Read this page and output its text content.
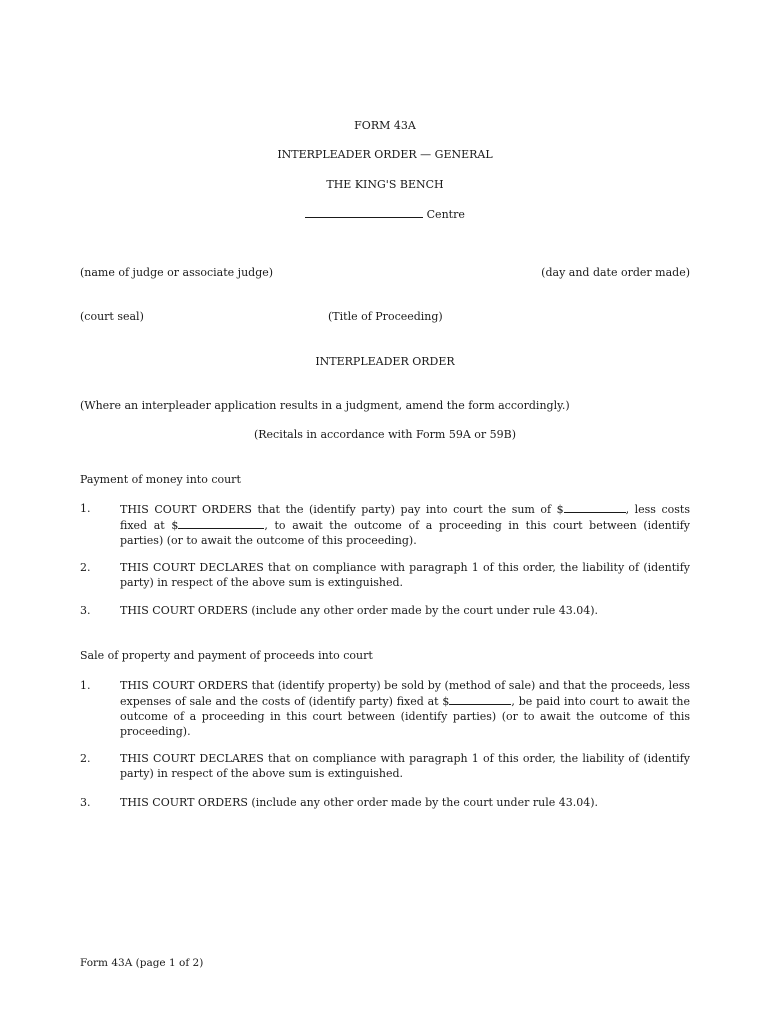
FORM 43A
INTERPLEADER ORDER — GENERAL
THE KING'S BENCH
Centre
(name of judge or associate judge)	(day and date order made)
(court seal)	(Title of Proceeding)
INTERPLEADER ORDER
(Where an interpleader application results in a judgment, amend the form accordingly.)
(Recitals in accordance with Form 59A or 59B)
Payment of money into court
1.	THIS COURT ORDERS that the (identify party) pay into court the sum of $	, less costs fixed at $	, to await the outcome of a proceeding in this court between (identify parties) (or to await the outcome of this proceeding).
2.	THIS COURT DECLARES that on compliance with paragraph 1 of this order, the liability of (identify party) in respect of the above sum is extinguished.
3.	THIS COURT ORDERS (include any other order made by the court under rule 43.04).
Sale of property and payment of proceeds into court
1.	THIS COURT ORDERS that (identify property) be sold by (method of sale) and that the proceeds, less expenses of sale and the costs of (identify party) fixed at $	, be paid into court to await the outcome of a proceeding in this court between (identify parties) (or to await the outcome of this proceeding).
2.	THIS COURT DECLARES that on compliance with paragraph 1 of this order, the liability of (identify party) in respect of the above sum is extinguished.
3.	THIS COURT ORDERS (include any other order made by the court under rule 43.04).
Form 43A (page 1 of 2)
